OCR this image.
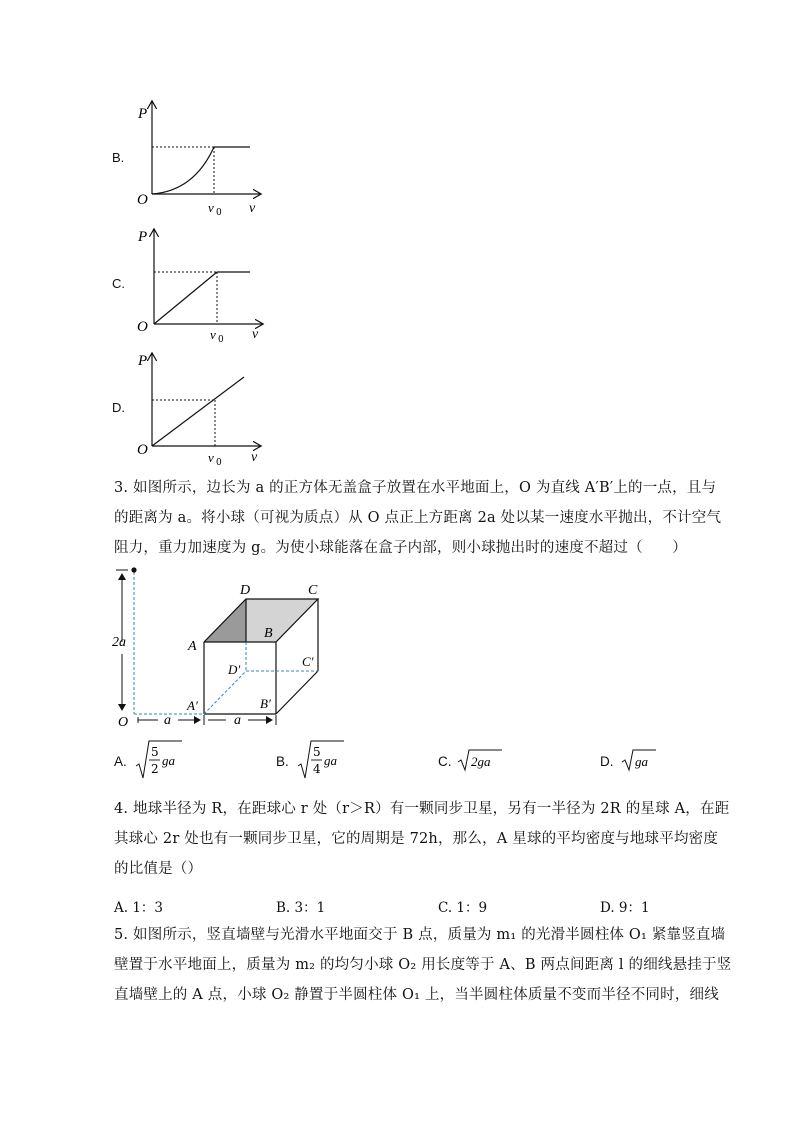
B.
P
O
v
v 0
C.
P
O	v
v 0
D.
P
O	v
v 0
3. 如图所示，边长为 a 的正方体无盖盒子放置在水平地面上，O 为直线 A′B′上的一点，且与
的距离为 a。将小球（可视为质点）从 O 点正上方距离 2a 处以某一速度水平抛出，不计空气
阻力，重力加速度为 g。为使小球能落在盒子内部，则小球抛出时的速度不超过（　　）
D	C
A
B
D′
C′
A′	B′
O
2a
a	a
A.
5
2
ga	B.
5
4
ga	C. 2ga	D. ga
4. 地球半径为 R，在距球心 r 处（r＞R）有一颗同步卫星，另有一半径为 2R 的星球 A，在距
其球心 2r 处也有一颗同步卫星，它的周期是 72h，那么，A 星球的平均密度与地球平均密度
的比值是（）
A. 1：3	B. 3：1	C. 1：9	D. 9：1
5. 如图所示，竖直墙壁与光滑水平地面交于 B 点，质量为 m₁ 的光滑半圆柱体 O₁ 紧靠竖直墙
壁置于水平地面上，质量为 m₂ 的均匀小球 O₂ 用长度等于 A、B 两点间距离 l 的细线悬挂于竖
直墙壁上的 A 点，小球 O₂ 静置于半圆柱体 O₁ 上，当半圆柱体质量不变而半径不同时，细线
